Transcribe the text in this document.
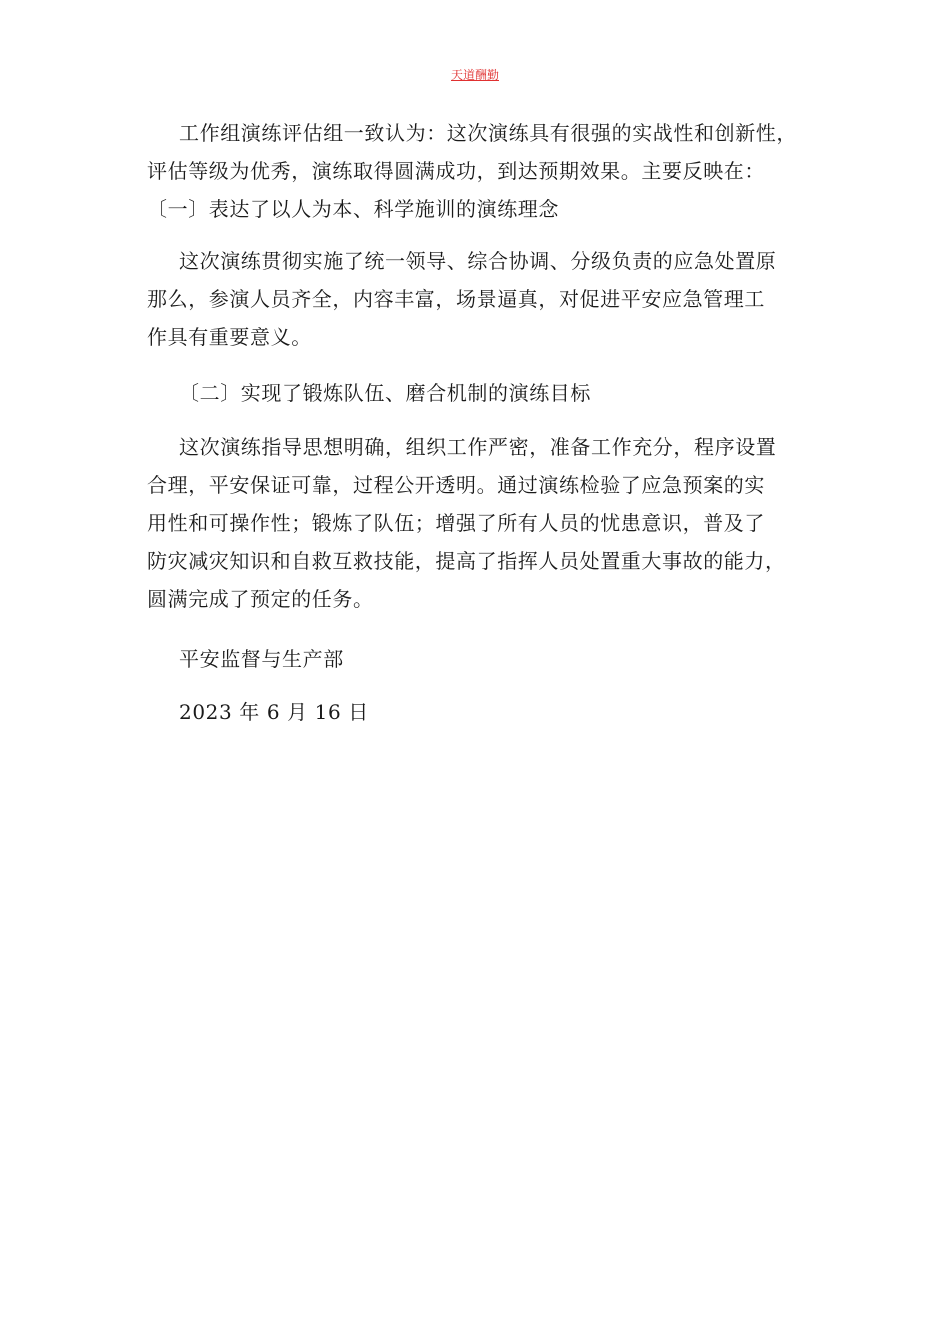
天道酬勤
工作组演练评估组一致认为：这次演练具有很强的实战性和创新性，
评估等级为优秀，演练取得圆满成功，到达预期效果。主要反映在：
〔一〕表达了以人为本、科学施训的演练理念
这次演练贯彻实施了统一领导、综合协调、分级负责的应急处置原
那么，参演人员齐全，内容丰富，场景逼真，对促进平安应急管理工
作具有重要意义。
〔二〕实现了锻炼队伍、磨合机制的演练目标
这次演练指导思想明确，组织工作严密，准备工作充分，程序设置
合理，平安保证可靠，过程公开透明。通过演练检验了应急预案的实
用性和可操作性；锻炼了队伍；增强了所有人员的忧患意识，普及了
防灾减灾知识和自救互救技能，提高了指挥人员处置重大事故的能力，
圆满完成了预定的任务。
平安监督与生产部
2023 年 6 月 16 日
